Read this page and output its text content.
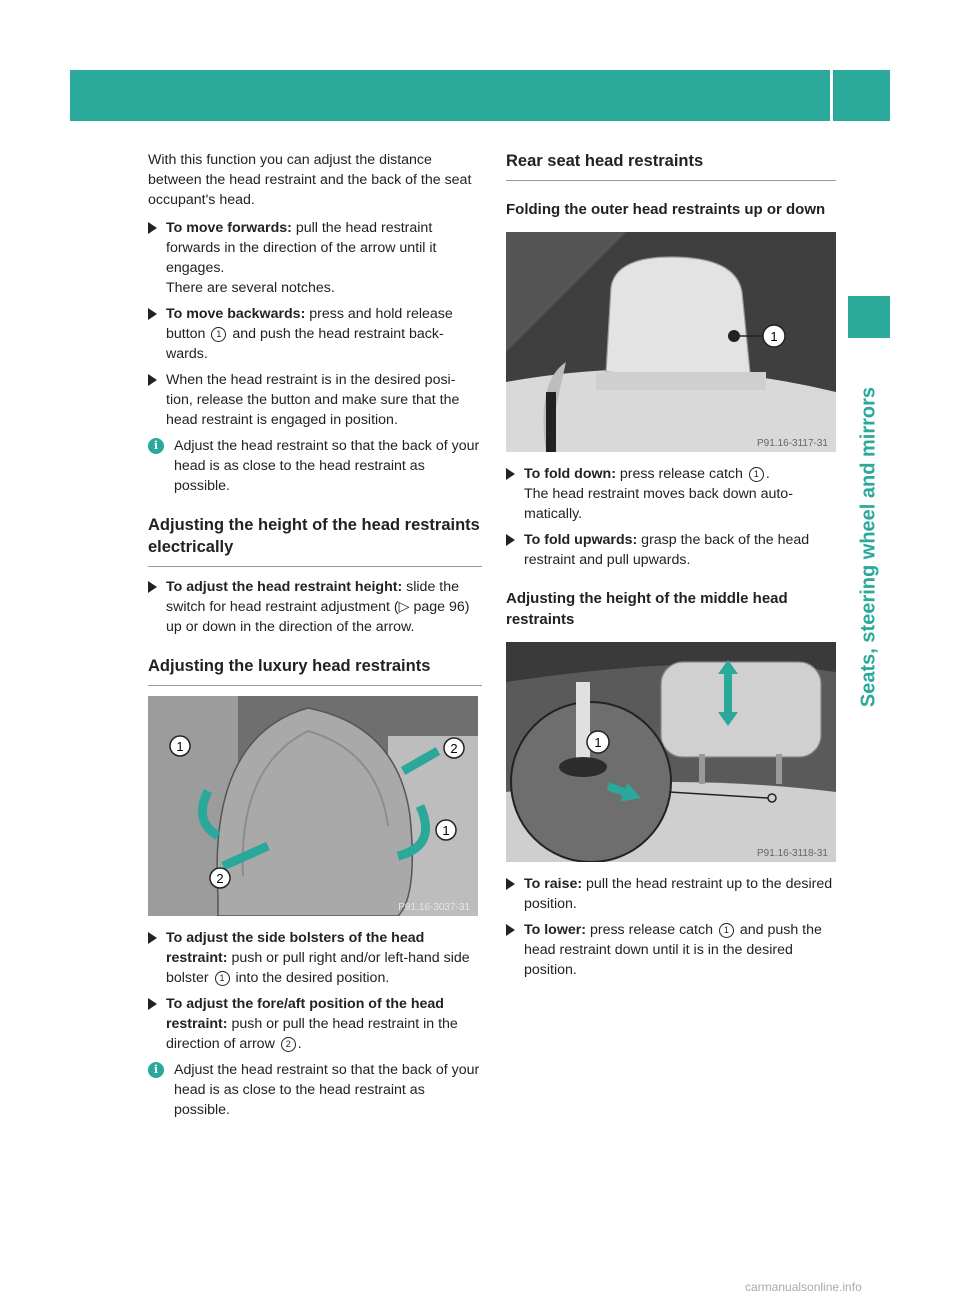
Seats
97
Seats, steering wheel and mirrors

With this function you can adjust the distance between the head restraint and the back of the seat occupant's head.

To move forwards: pull the head restraint forwards in the direction of the arrow until it engages.
There are several notches.
To move backwards: press and hold release button 1 and push the head restraint back-wards.
When the head restraint is in the desired posi-tion, release the button and make sure that the head restraint is engaged in position.
i	Adjust the head restraint so that the back of your head is as close to the head restraint as possible.
Adjusting the height of the head restraints electrically
To adjust the head restraint height: slide the switch for head restraint adjustment (▷ page 96) up or down in the direction of the arrow.
Adjusting the luxury head restraints
1
2
1
2
P91.16-3037-31
To adjust the side bolsters of the head restraint: push or pull right and/or left-hand side bolster 1 into the desired position.
To adjust the fore/aft position of the head restraint: push or pull the head restraint in the direction of arrow 2 .
i	Adjust the head restraint so that the back of your head is as close to the head restraint as possible.
Rear seat head restraints
Folding the outer head restraints up or down
1
P91.16-3117-31
To fold down: press release catch 1 .
The head restraint moves back down auto-matically.
To fold upwards: grasp the back of the head restraint and pull upwards.
Adjusting the height of the middle head restraints
1
P91.16-3118-31
To raise: pull the head restraint up to the desired position.
To lower: press release catch 1 and push the head restraint down until it is in the desired position.
carmanualsonline.info
